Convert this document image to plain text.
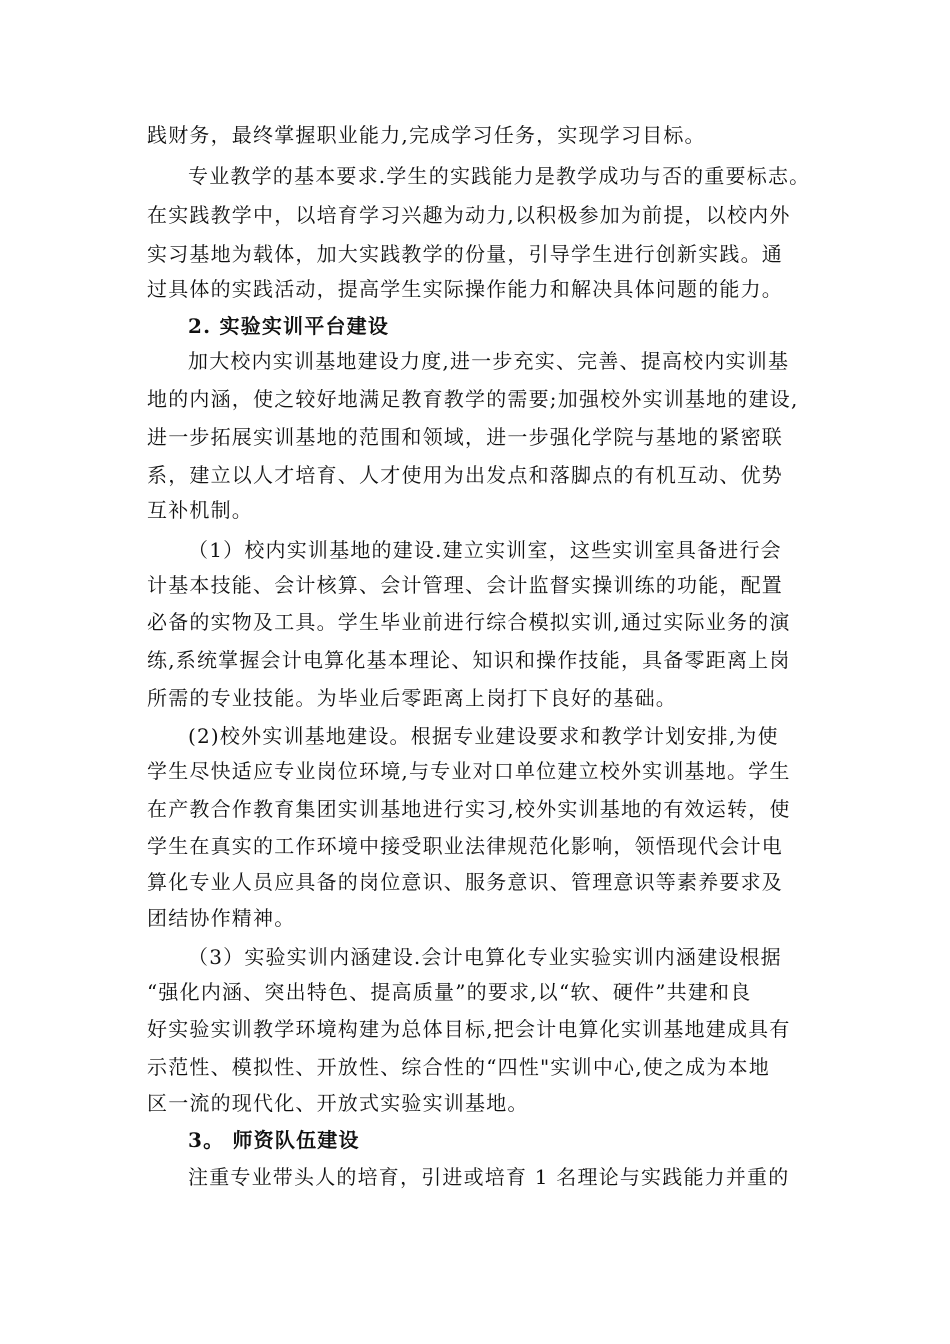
践财务，最终掌握职业能力,完成学习任务，实现学习目标。
专业教学的基本要求.学生的实践能力是教学成功与否的重要标志。
在实践教学中，以培育学习兴趣为动力,以积极参加为前提，以校内外
实习基地为载体，加大实践教学的份量，引导学生进行创新实践。通
过具体的实践活动，提高学生实际操作能力和解决具体问题的能力。
2. 实验实训平台建设
加大校内实训基地建设力度,进一步充实、完善、提高校内实训基
地的内涵，使之较好地满足教育教学的需要;加强校外实训基地的建设,
进一步拓展实训基地的范围和领域，进一步强化学院与基地的紧密联
系，建立以人才培育、人才使用为出发点和落脚点的有机互动、优势
互补机制。
（1）校内实训基地的建设.建立实训室，这些实训室具备进行会
计基本技能、会计核算、会计管理、会计监督实操训练的功能，配置
必备的实物及工具。学生毕业前进行综合模拟实训,通过实际业务的演
练,系统掌握会计电算化基本理论、知识和操作技能，具备零距离上岗
所需的专业技能。为毕业后零距离上岗打下良好的基础。
(2)校外实训基地建设。根据专业建设要求和教学计划安排,为使
学生尽快适应专业岗位环境,与专业对口单位建立校外实训基地。学生
在产教合作教育集团实训基地进行实习,校外实训基地的有效运转，使
学生在真实的工作环境中接受职业法律规范化影响，领悟现代会计电
算化专业人员应具备的岗位意识、服务意识、管理意识等素养要求及
团结协作精神。
（3）实验实训内涵建设.会计电算化专业实验实训内涵建设根据
“强化内涵、突出特色、提高质量”的要求,以“软、硬件”共建和良
好实验实训教学环境构建为总体目标,把会计电算化实训基地建成具有
示范性、模拟性、开放性、综合性的“四性"实训中心,使之成为本地
区一流的现代化、开放式实验实训基地。
3。 师资队伍建设
注重专业带头人的培育，引进或培育 1 名理论与实践能力并重的
